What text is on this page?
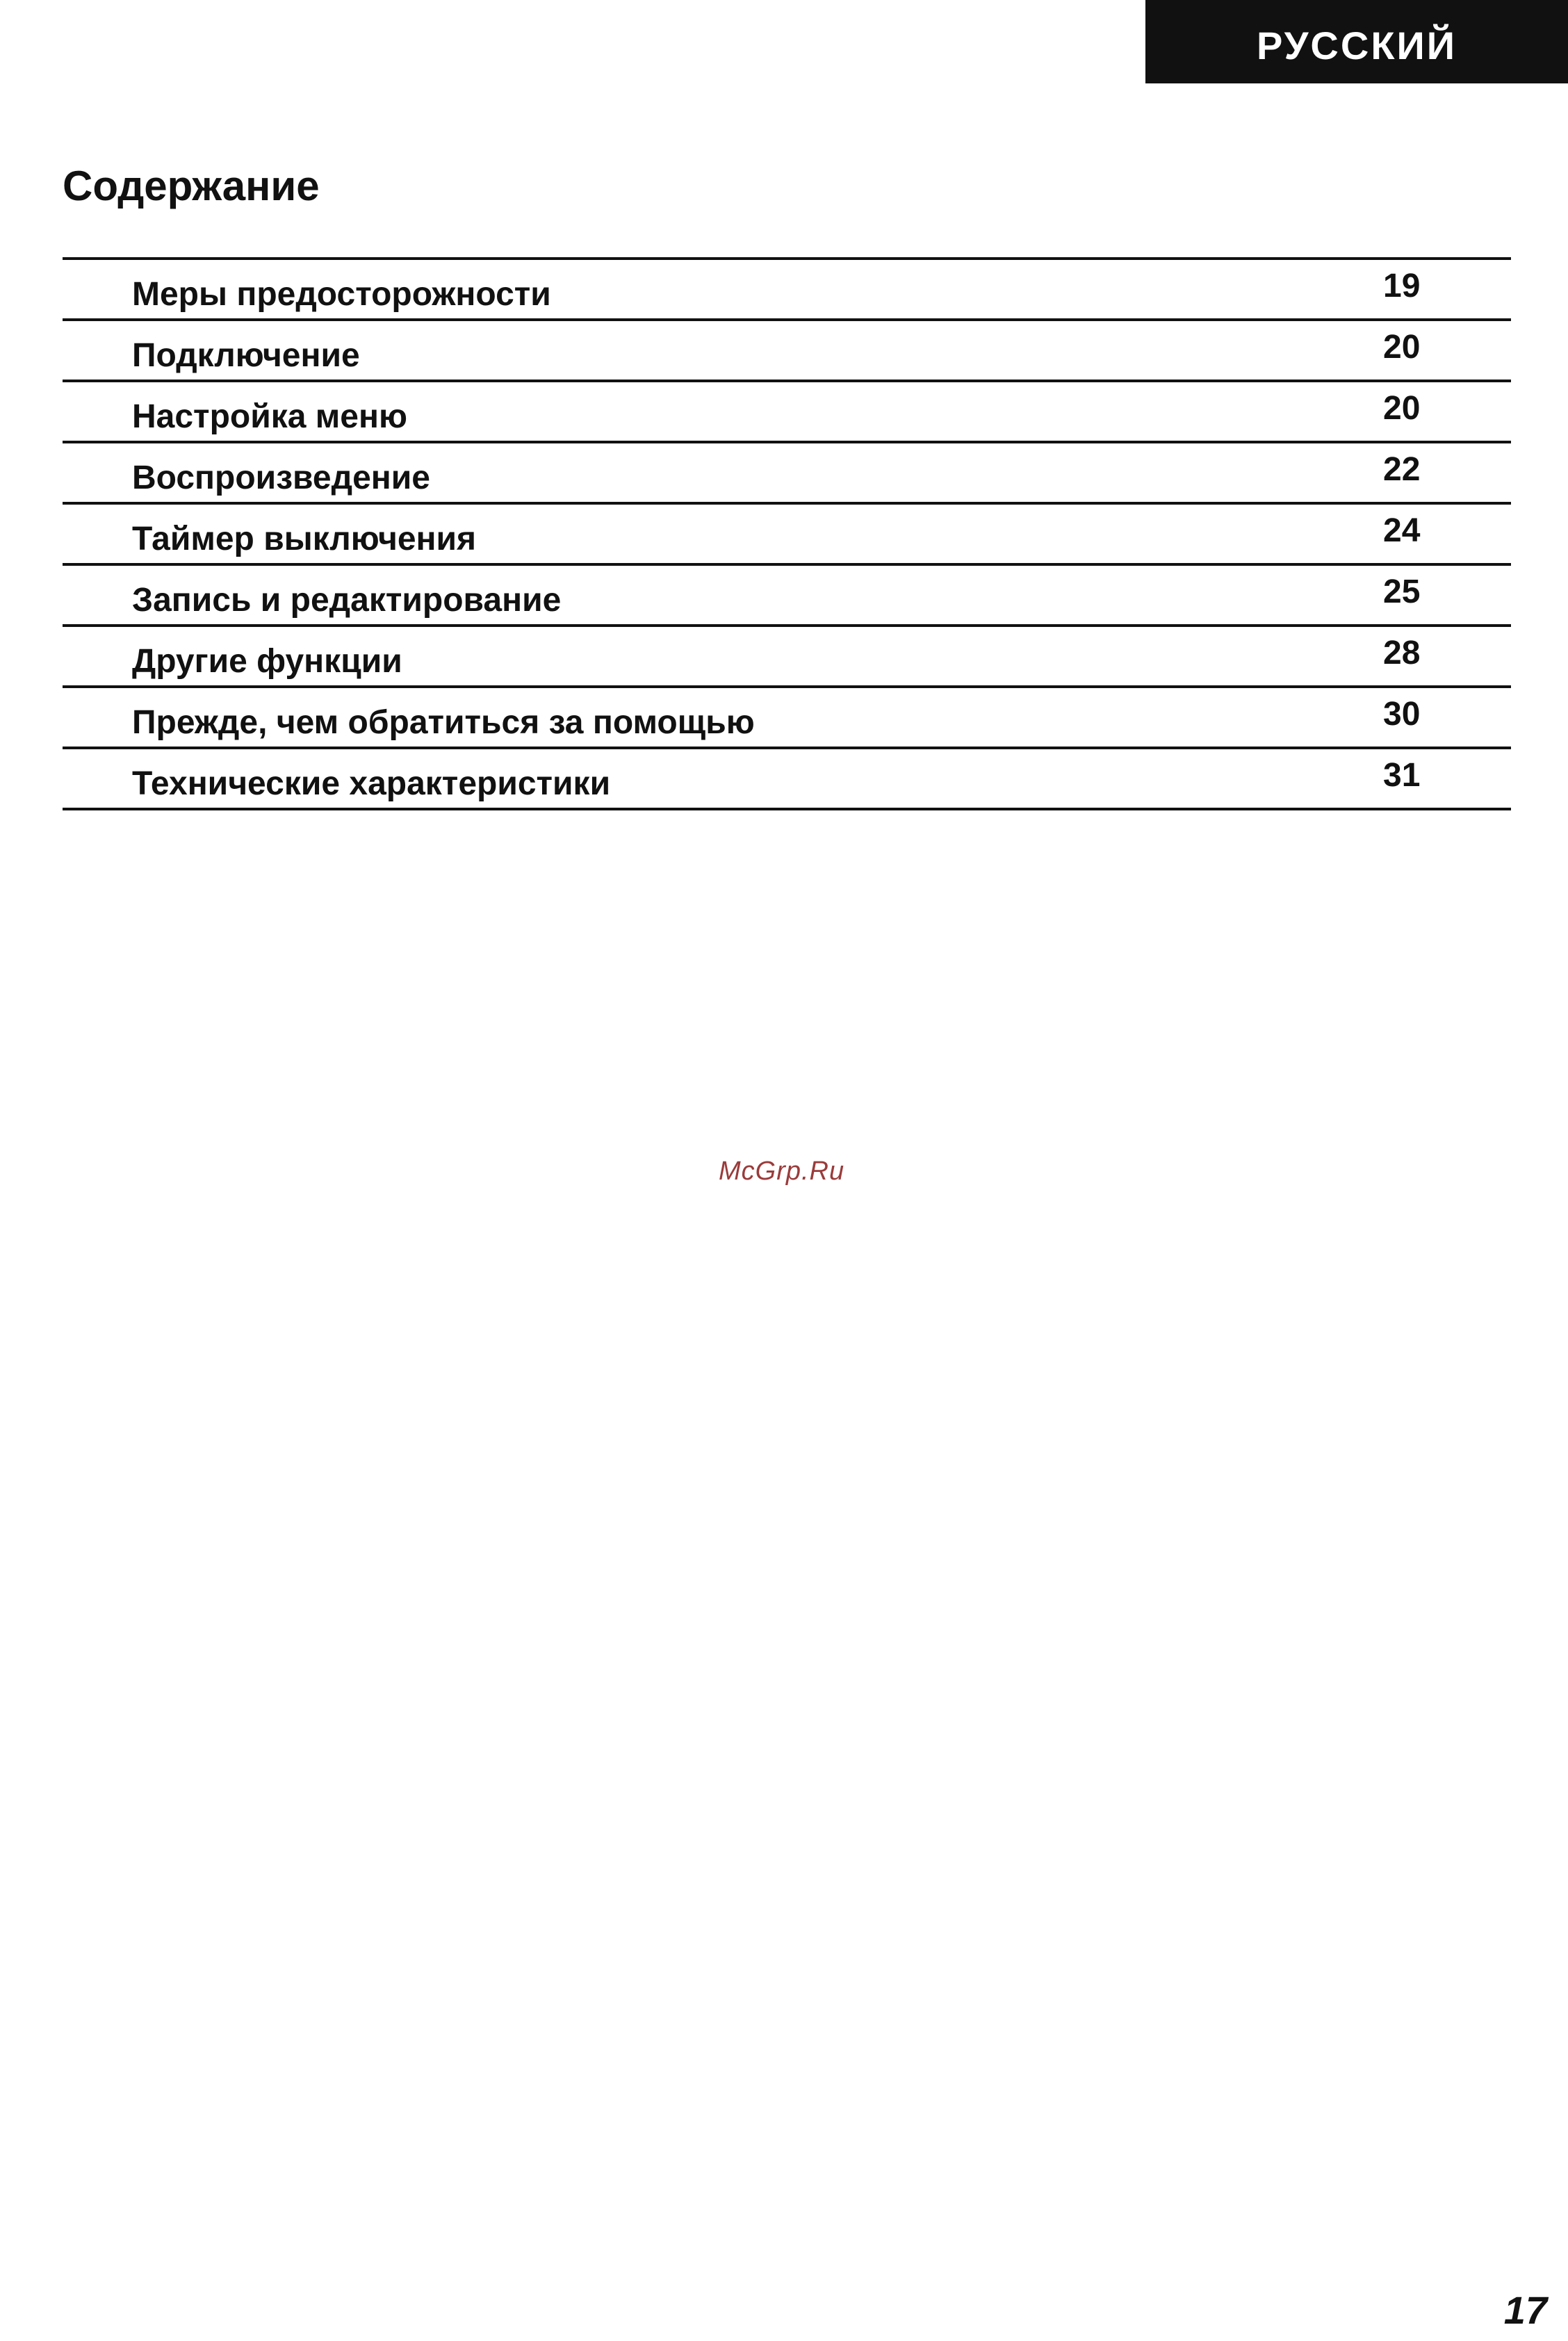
РУССКИЙ
Содержание
Меры предосторожности	19
Подключение	20
Настройка меню	20
Воспроизведение	22
Таймер выключения	24
Запись и редактирование	25
Другие функции	28
Прежде, чем обратиться за помощью	30
Технические характеристики	31
McGrp.Ru
17
